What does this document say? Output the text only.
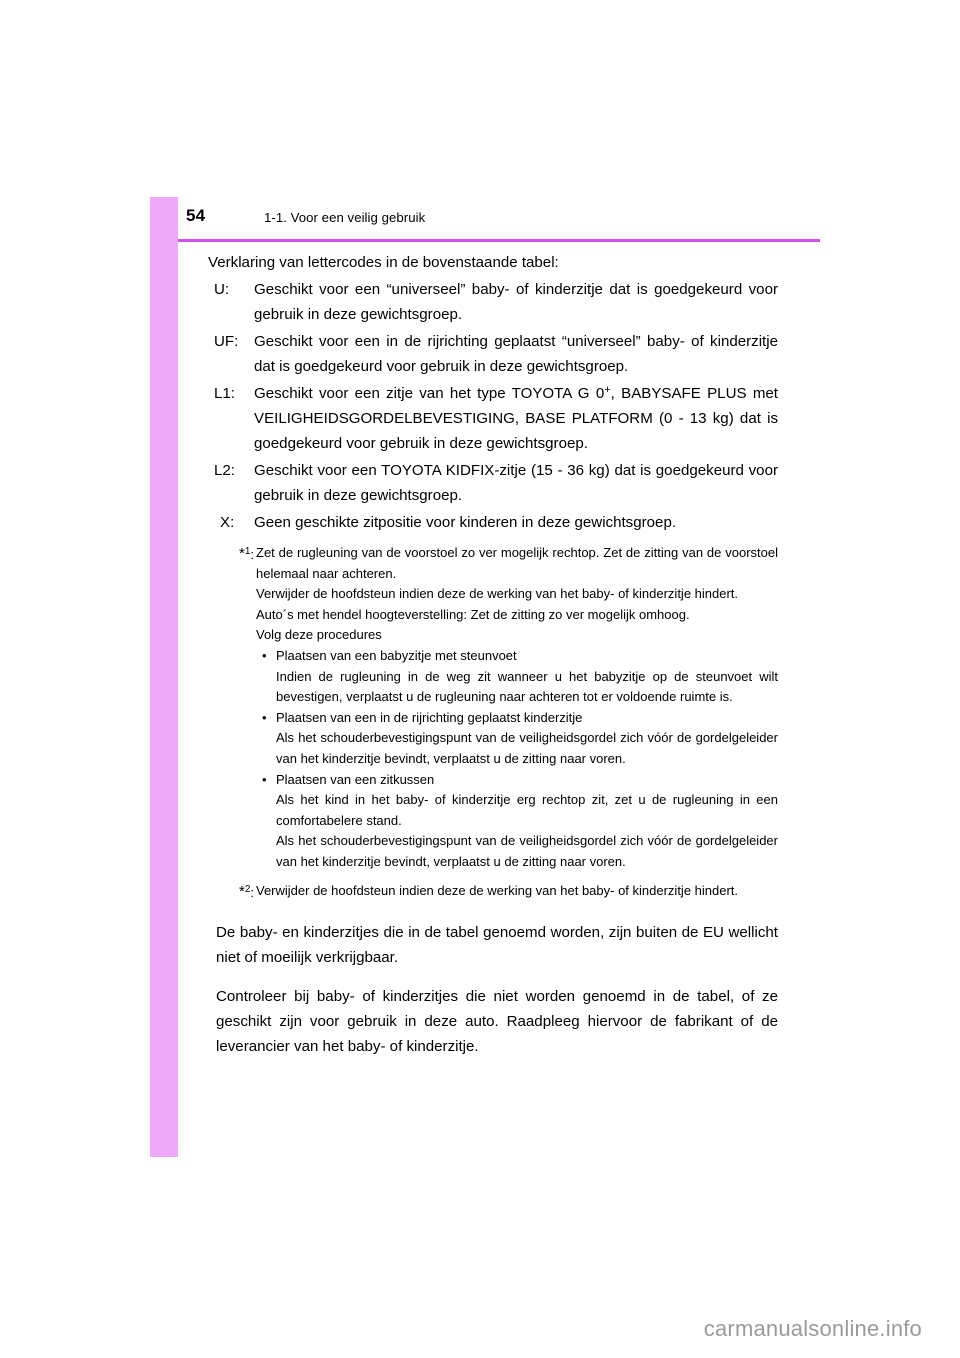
54	1-1. Voor een veilig gebruik

Verklaring van lettercodes in de bovenstaande tabel:

U:	Geschikt voor een “universeel” baby- of kinderzitje dat is goedgekeurd voor gebruik in deze gewichtsgroep.
UF:	Geschikt voor een in de rijrichting geplaatst “universeel” baby- of kinderzitje dat is goedgekeurd voor gebruik in deze gewichtsgroep.
L1:	Geschikt voor een zitje van het type TOYOTA G 0+, BABYSAFE PLUS met VEILIGHEIDSGORDELBEVESTIGING, BASE PLATFORM (0 - 13 kg) dat is goedgekeurd voor gebruik in deze gewichtsgroep.
L2:	Geschikt voor een TOYOTA KIDFIX-zitje (15 - 36 kg) dat is goedgekeurd voor gebruik in deze gewichtsgroep.
X:	Geen geschikte zitpositie voor kinderen in deze gewichtsgroep.
*$^1$: Zet de rugleuning van de voorstoel zo ver mogelijk rechtop. Zet de zitting van de voorstoel helemaal naar achteren.

Verwijder de hoofdsteun indien deze de werking van het baby- of kinderzitje hindert.

Auto´s met hendel hoogteverstelling: Zet de zitting zo ver mogelijk omhoog.

Volg deze procedures

• Plaatsen van een babyzitje met steunvoet
Indien de rugleuning in de weg zit wanneer u het babyzitje op de steunvoet wilt bevestigen, verplaatst u de rugleuning naar achteren tot er voldoende ruimte is.
• Plaatsen van een in de rijrichting geplaatst kinderzitje
Als het schouderbevestigingspunt van de veiligheidsgordel zich vóór de gordelgeleider van het kinderzitje bevindt, verplaatst u de zitting naar voren.
• Plaatsen van een zitkussen
Als het kind in het baby- of kinderzitje erg rechtop zit, zet u de rugleuning in een comfortabelere stand.
Als het schouderbevestigingspunt van de veiligheidsgordel zich vóór de gordelgeleider van het kinderzitje bevindt, verplaatst u de zitting naar voren.
*$^2$: Verwijder de hoofdsteun indien deze de werking van het baby- of kinderzitje hindert.

De baby- en kinderzitjes die in de tabel genoemd worden, zijn buiten de EU wellicht niet of moeilijk verkrijgbaar.

Controleer bij baby- of kinderzitjes die niet worden genoemd in de tabel, of ze geschikt zijn voor gebruik in deze auto. Raadpleeg hiervoor de fabrikant of de leverancier van het baby- of kinderzitje.

carmanualsonline.info
